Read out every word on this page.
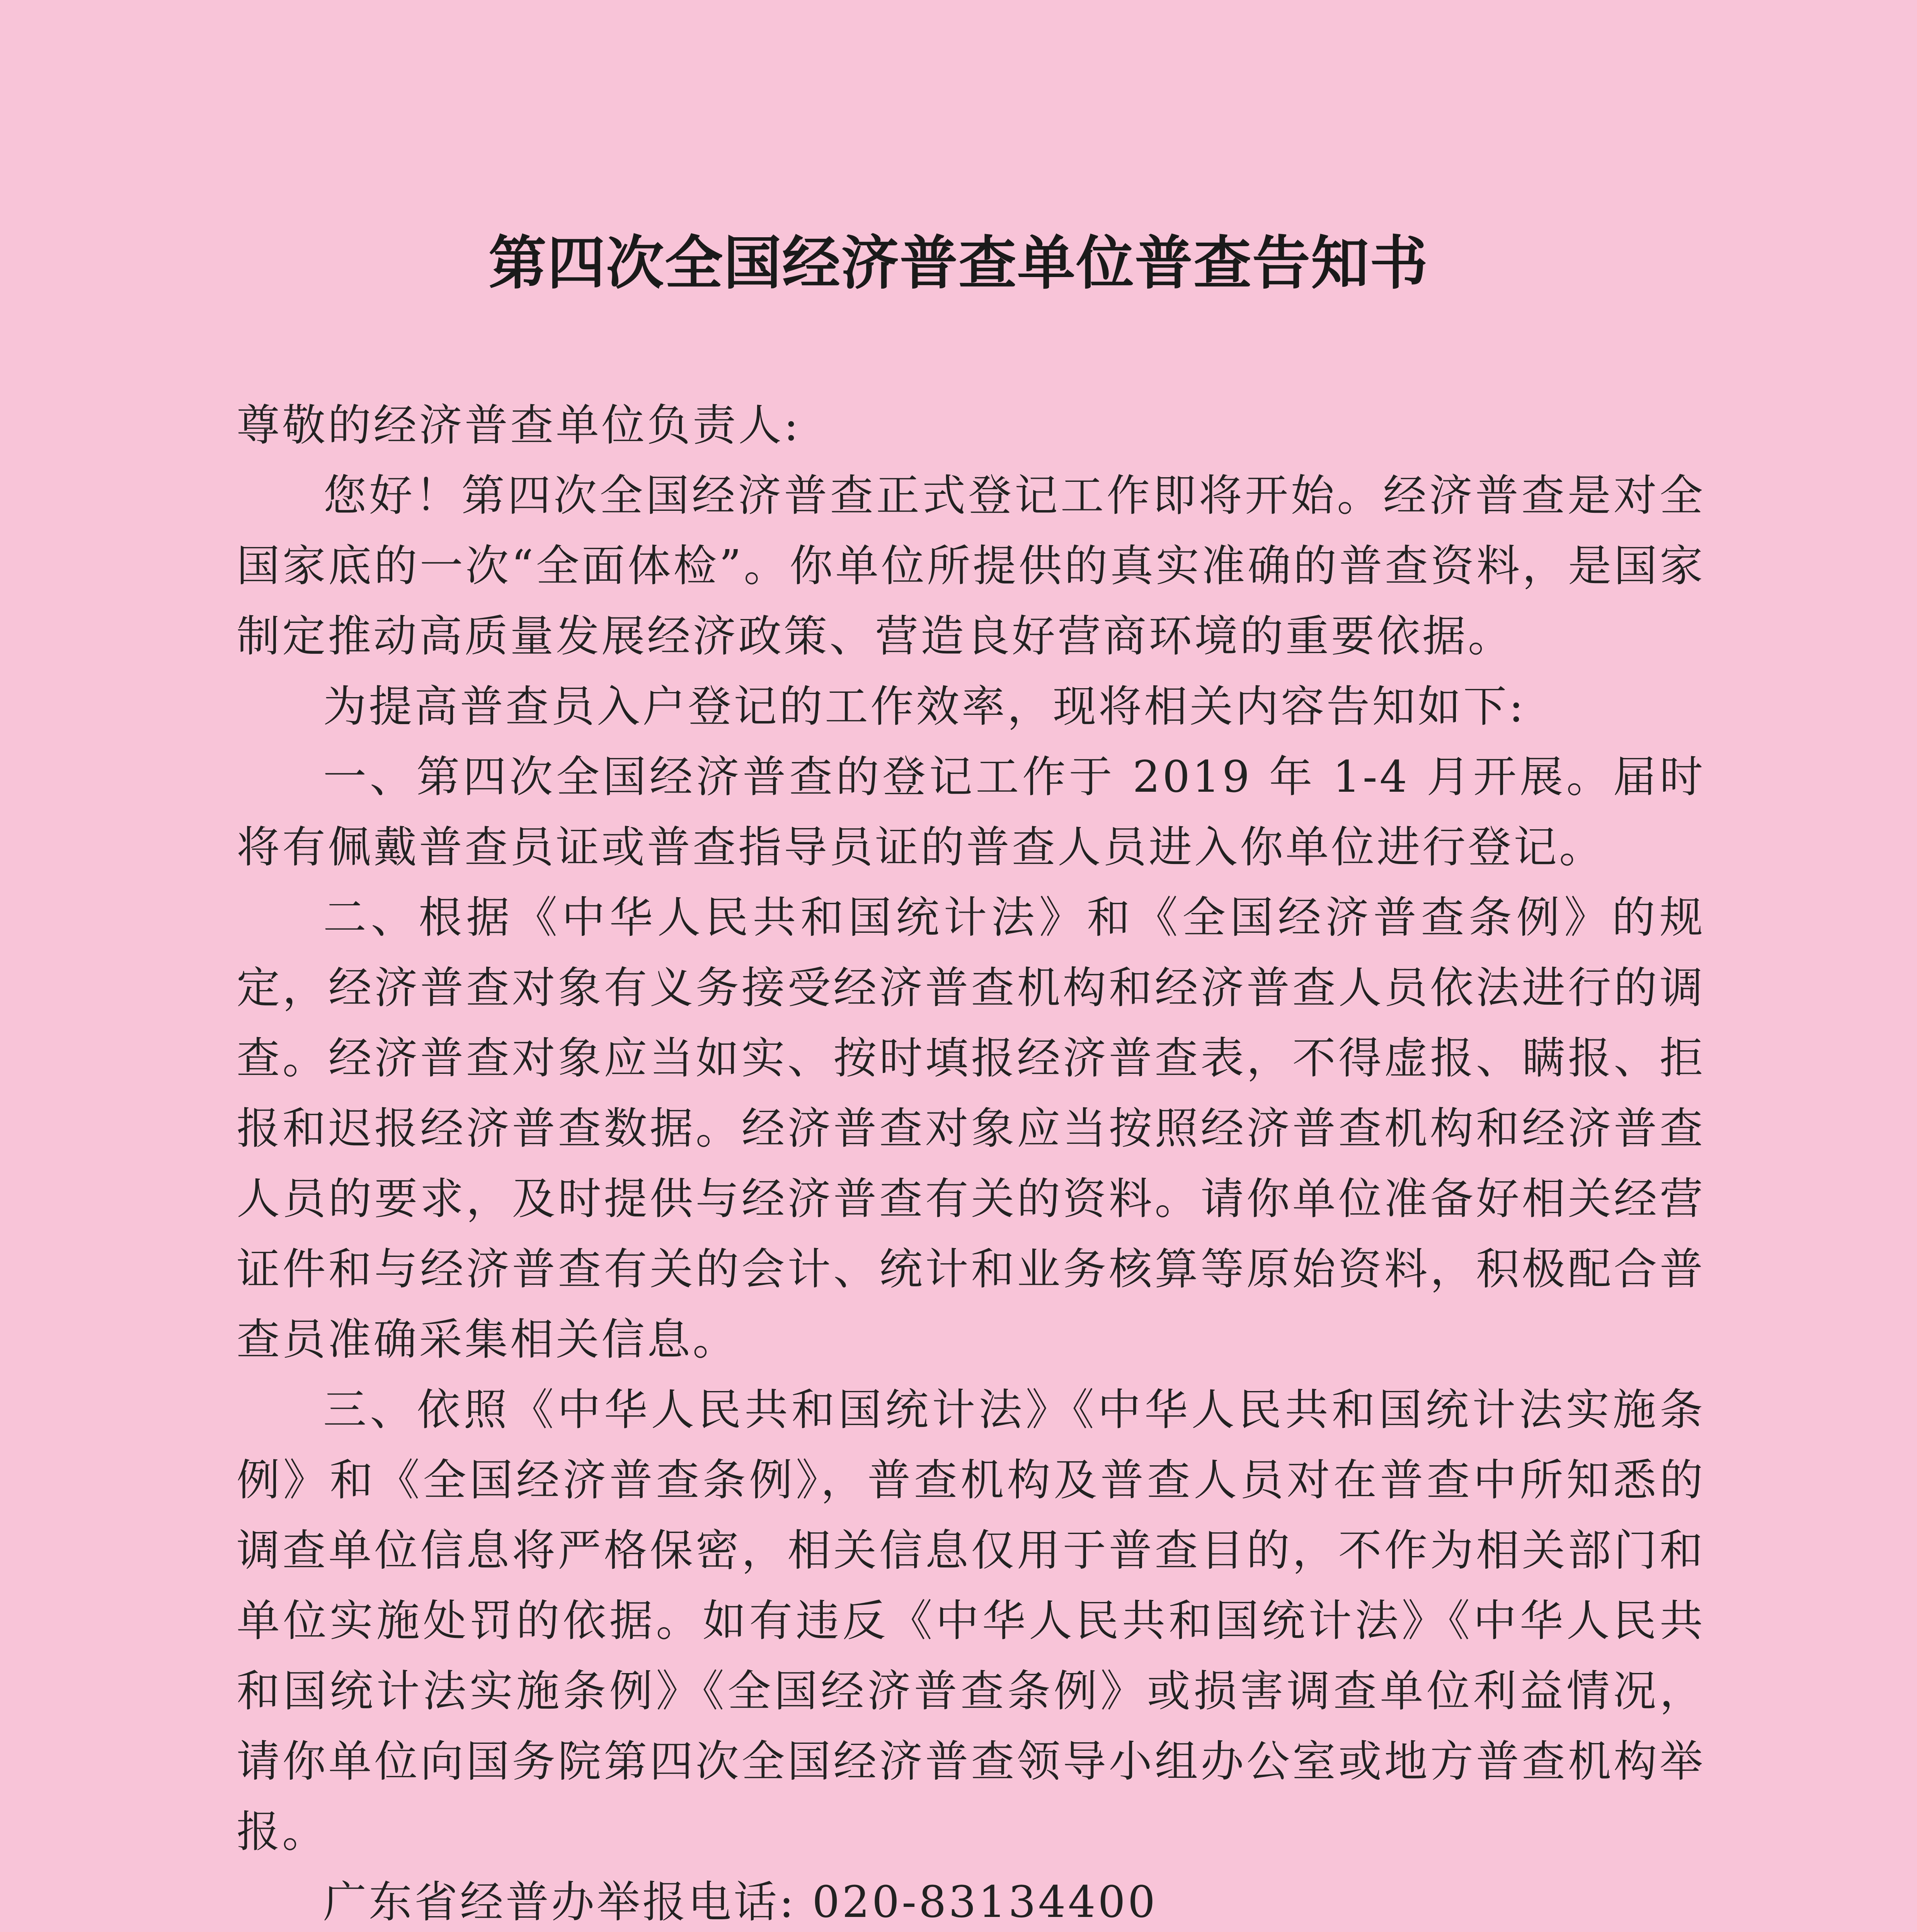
第四次全国经济普查单位普查告知书

尊敬的经济普查单位负责人:

您好！第四次全国经济普查正式登记工作即将开始。经济普查是对全国家底的一次“全面体检”。你单位所提供的真实准确的普查资料，是国家制定推动高质量发展经济政策、营造良好营商环境的重要依据。

为提高普查员入户登记的工作效率，现将相关内容告知如下:

一、第四次全国经济普查的登记工作于 2019 年 1-4 月开展。届时将有佩戴普查员证或普查指导员证的普查人员进入你单位进行登记。

二、根据《中华人民共和国统计法》和《全国经济普查条例》的规定，经济普查对象有义务接受经济普查机构和经济普查人员依法进行的调查。经济普查对象应当如实、按时填报经济普查表，不得虚报、瞒报、拒报和迟报经济普查数据。经济普查对象应当按照经济普查机构和经济普查人员的要求，及时提供与经济普查有关的资料。请你单位准备好相关经营证件和与经济普查有关的会计、统计和业务核算等原始资料，积极配合普查员准确采集相关信息。

三、依照《中华人民共和国统计法》《中华人民共和国统计法实施条例》和《全国经济普查条例》，普查机构及普查人员对在普查中所知悉的调查单位信息将严格保密，相关信息仅用于普查目的，不作为相关部门和单位实施处罚的依据。如有违反《中华人民共和国统计法》《中华人民共和国统计法实施条例》《全国经济普查条例》或损害调查单位利益情况，请你单位向国务院第四次全国经济普查领导小组办公室或地方普查机构举报。

广东省经普办举报电话: 020-83134400
